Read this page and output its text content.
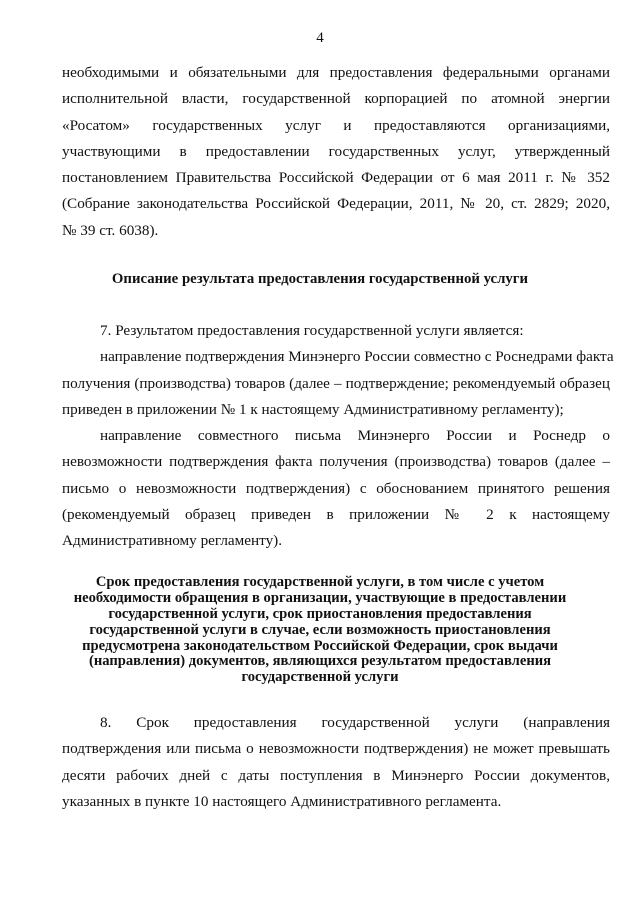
4
необходимыми и обязательными для предоставления федеральными органами
исполнительной власти, государственной корпорацией по атомной энергии
«Росатом» государственных услуг и предоставляются организациями,
участвующими в предоставлении государственных услуг, утвержденный
постановлением Правительства Российской Федерации от 6 мая 2011 г. № 352
(Собрание законодательства Российской Федерации, 2011, № 20, ст. 2829; 2020,
№ 39 ст. 6038).
Описание результата предоставления государственной услуги
7. Результатом предоставления государственной услуги является:
направление подтверждения Минэнерго России совместно с Роснедрами факта
получения (производства) товаров (далее – подтверждение; рекомендуемый образец
приведен в приложении № 1 к настоящему Административному регламенту);
направление совместного письма Минэнерго России и Роснедр о
невозможности подтверждения факта получения (производства) товаров (далее –
письмо о невозможности подтверждения) с обоснованием принятого решения
(рекомендуемый образец приведен в приложении № 2 к настоящему
Административному регламенту).
Срок предоставления государственной услуги, в том числе с учетом
необходимости обращения в организации, участвующие в предоставлении
государственной услуги, срок приостановления предоставления
государственной услуги в случае, если возможность приостановления
предусмотрена законодательством Российской Федерации, срок выдачи
(направления) документов, являющихся результатом предоставления
государственной услуги
8. Срок предоставления государственной услуги (направления
подтверждения или письма о невозможности подтверждения) не может превышать
десяти рабочих дней с даты поступления в Минэнерго России документов,
указанных в пункте 10 настоящего Административного регламента.
